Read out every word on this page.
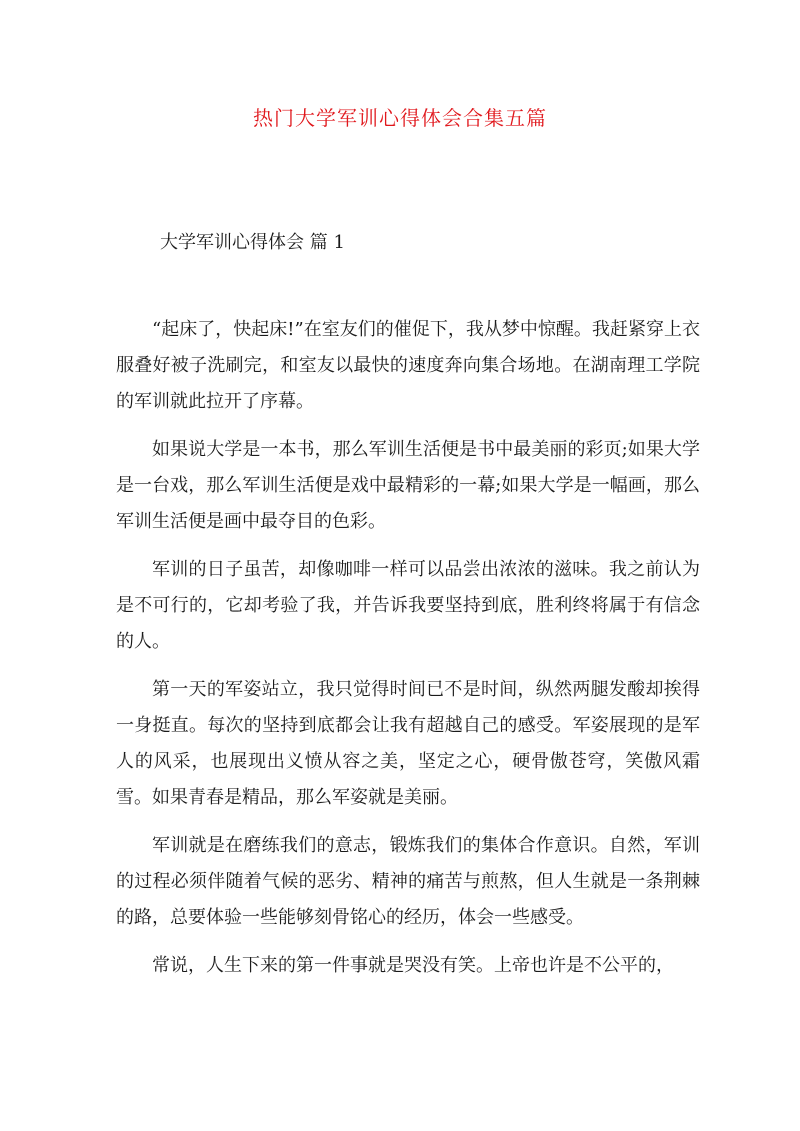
热门大学军训心得体会合集五篇
大学军训心得体会 篇 1

“起床了，快起床!”在室友们的催促下，我从梦中惊醒。我赶紧穿上衣服叠好被子洗刷完，和室友以最快的速度奔向集合场地。在湖南理工学院的军训就此拉开了序幕。

如果说大学是一本书，那么军训生活便是书中最美丽的彩页;如果大学是一台戏，那么军训生活便是戏中最精彩的一幕;如果大学是一幅画，那么军训生活便是画中最夺目的色彩。

军训的日子虽苦，却像咖啡一样可以品尝出浓浓的滋味。我之前认为是不可行的，它却考验了我，并告诉我要坚持到底，胜利终将属于有信念的人。

第一天的军姿站立，我只觉得时间已不是时间，纵然两腿发酸却挨得一身挺直。每次的坚持到底都会让我有超越自己的感受。军姿展现的是军人的风采，也展现出义愤从容之美，坚定之心，硬骨傲苍穹，笑傲风霜雪。如果青春是精品，那么军姿就是美丽。

军训就是在磨练我们的意志，锻炼我们的集体合作意识。自然，军训的过程必须伴随着气候的恶劣、精神的痛苦与煎熬，但人生就是一条荆棘的路，总要体验一些能够刻骨铭心的经历，体会一些感受。

常说，人生下来的第一件事就是哭没有笑。上帝也许是不公平的，
